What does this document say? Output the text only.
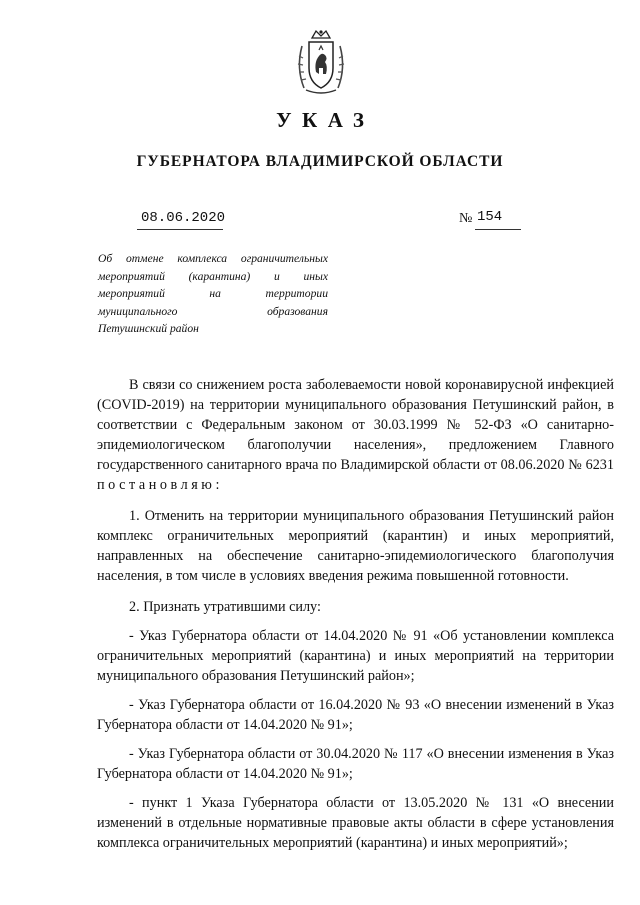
УКАЗ
ГУБЕРНАТОРА ВЛАДИМИРСКОЙ ОБЛАСТИ
08.06.2020	№ 154
Об отмене комплекса ограничительных
мероприятий (карантина) и иных
мероприятий на территории
муниципального образования
Петушинский район

В связи со снижением роста заболеваемости новой коронавирусной инфекцией (COVID-2019) на территории муниципального образования Петушинский район, в соответствии с Федеральным законом от 30.03.1999 № 52-ФЗ «О санитарно-эпидемиологическом благополучии населения», предложением Главного государственного санитарного врача по Владимирской области от 08.06.2020 № 6231 постановляю:

1. Отменить на территории муниципального образования Петушинский район комплекс ограничительных мероприятий (карантин) и иных мероприятий, направленных на обеспечение санитарно-эпидемиологического благополучия населения, в том числе в условиях введения режима повышенной готовности.

2. Признать утратившими силу:

- Указ Губернатора области от 14.04.2020 № 91 «Об установлении комплекса ограничительных мероприятий (карантина) и иных мероприятий на территории муниципального образования Петушинский район»;

- Указ Губернатора области от 16.04.2020 № 93 «О внесении изменений в Указ Губернатора области от 14.04.2020 № 91»;

- Указ Губернатора области от 30.04.2020 № 117 «О внесении изменения в Указ Губернатора области от 14.04.2020 № 91»;

- пункт 1 Указа Губернатора области от 13.05.2020 № 131 «О внесении изменений в отдельные нормативные правовые акты области в сфере установления комплекса ограничительных мероприятий (карантина) и иных мероприятий»;
